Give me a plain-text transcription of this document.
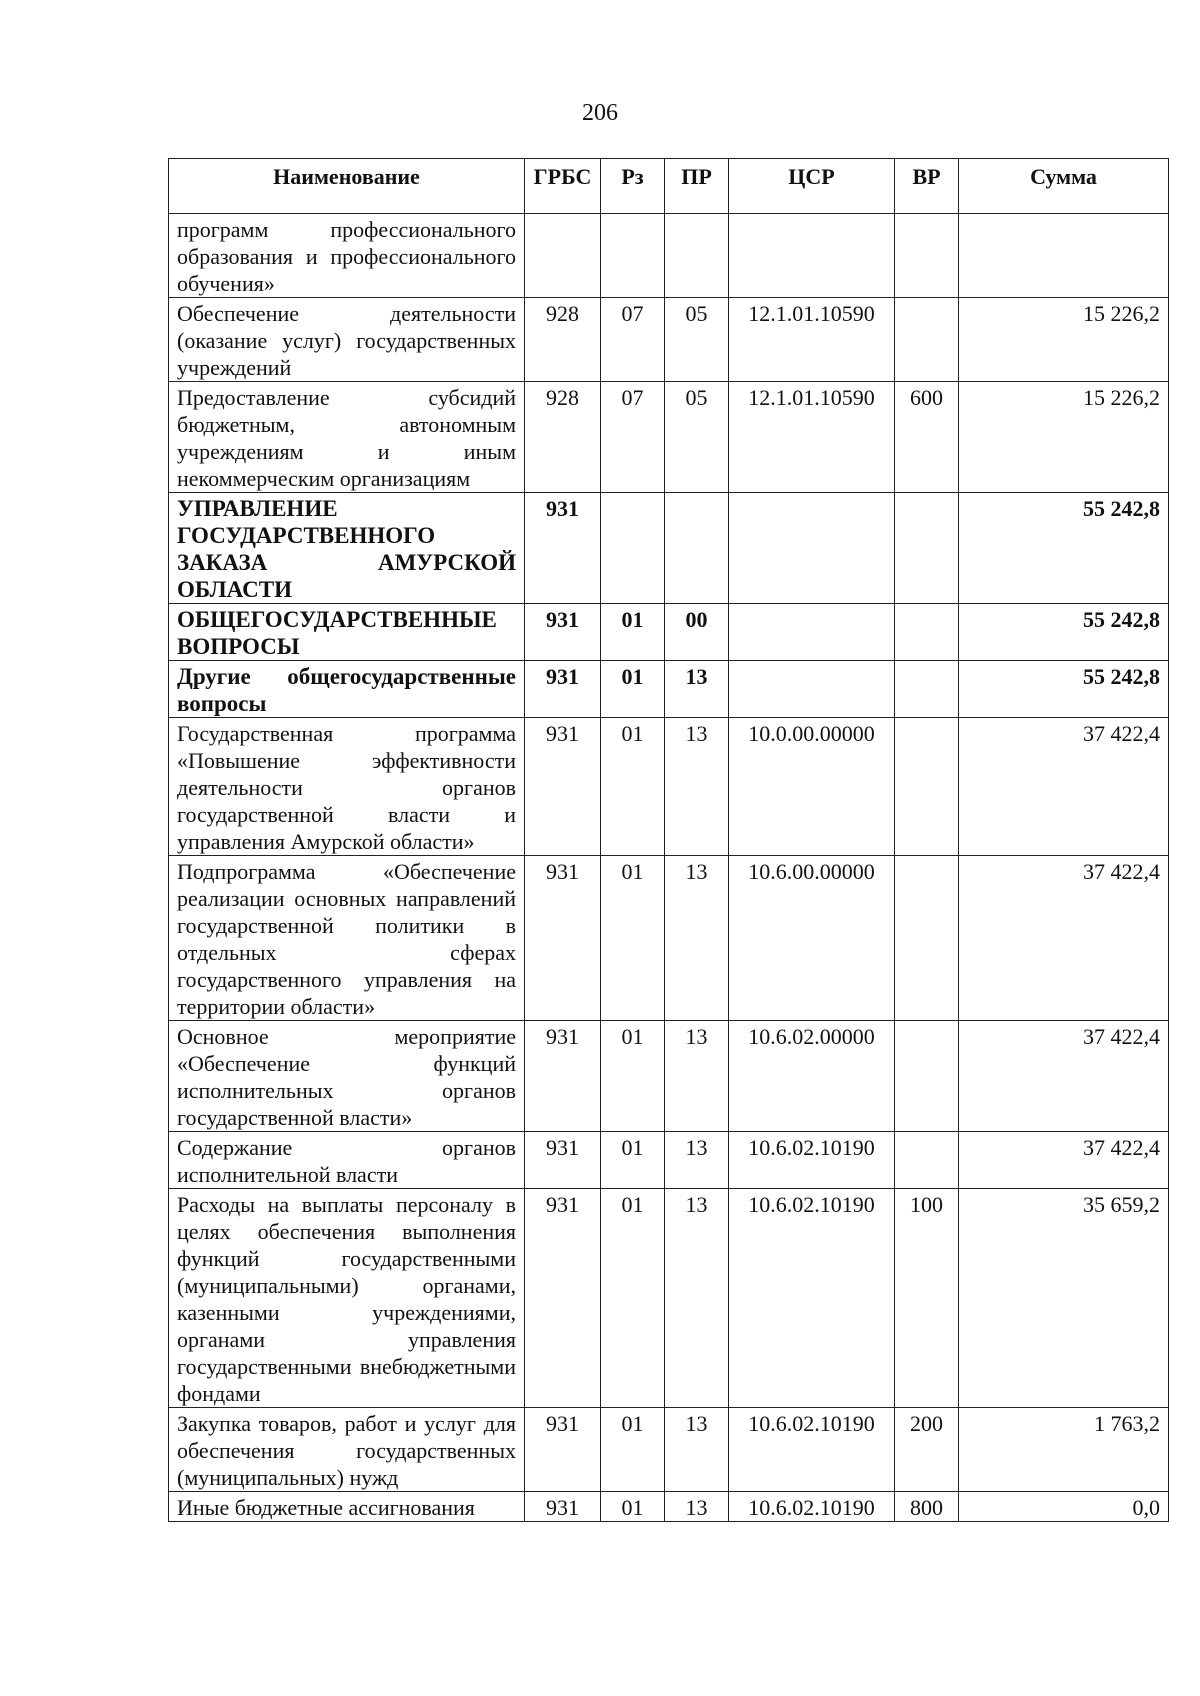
206
Наименование	ГРБС	Рз	ПР	ЦСР	ВР	Сумма
программ профессионального образования и профессионального обучения»						
Обеспечение деятельности (оказание услуг) государственных учреждений	928	07	05	12.1.01.10590		15 226,2
Предоставление субсидий бюджетным, автономным учреждениям и иным некоммерческим организациям	928	07	05	12.1.01.10590	600	15 226,2
УПРАВЛЕНИЕ ГОСУДАРСТВЕННОГО ЗАКАЗА АМУРСКОЙ ОБЛАСТИ	931					55 242,8
ОБЩЕГОСУДАРСТВЕННЫЕ ВОПРОСЫ	931	01	00			55 242,8
Другие общегосударственные вопросы	931	01	13			55 242,8
Государственная программа «Повышение эффективности деятельности органов государственной власти и управления Амурской области»	931	01	13	10.0.00.00000		37 422,4
Подпрограмма «Обеспечение реализации основных направлений государственной политики в отдельных сферах государственного управления на территории области»	931	01	13	10.6.00.00000		37 422,4
Основное мероприятие «Обеспечение функций исполнительных органов государственной власти»	931	01	13	10.6.02.00000		37 422,4
Содержание органов исполнительной власти	931	01	13	10.6.02.10190		37 422,4
Расходы на выплаты персоналу в целях обеспечения выполнения функций государственными (муниципальными) органами, казенными учреждениями, органами управления государственными внебюджетными фондами	931	01	13	10.6.02.10190	100	35 659,2
Закупка товаров, работ и услуг для обеспечения государственных (муниципальных) нужд	931	01	13	10.6.02.10190	200	1 763,2
Иные бюджетные ассигнования	931	01	13	10.6.02.10190	800	0,0
